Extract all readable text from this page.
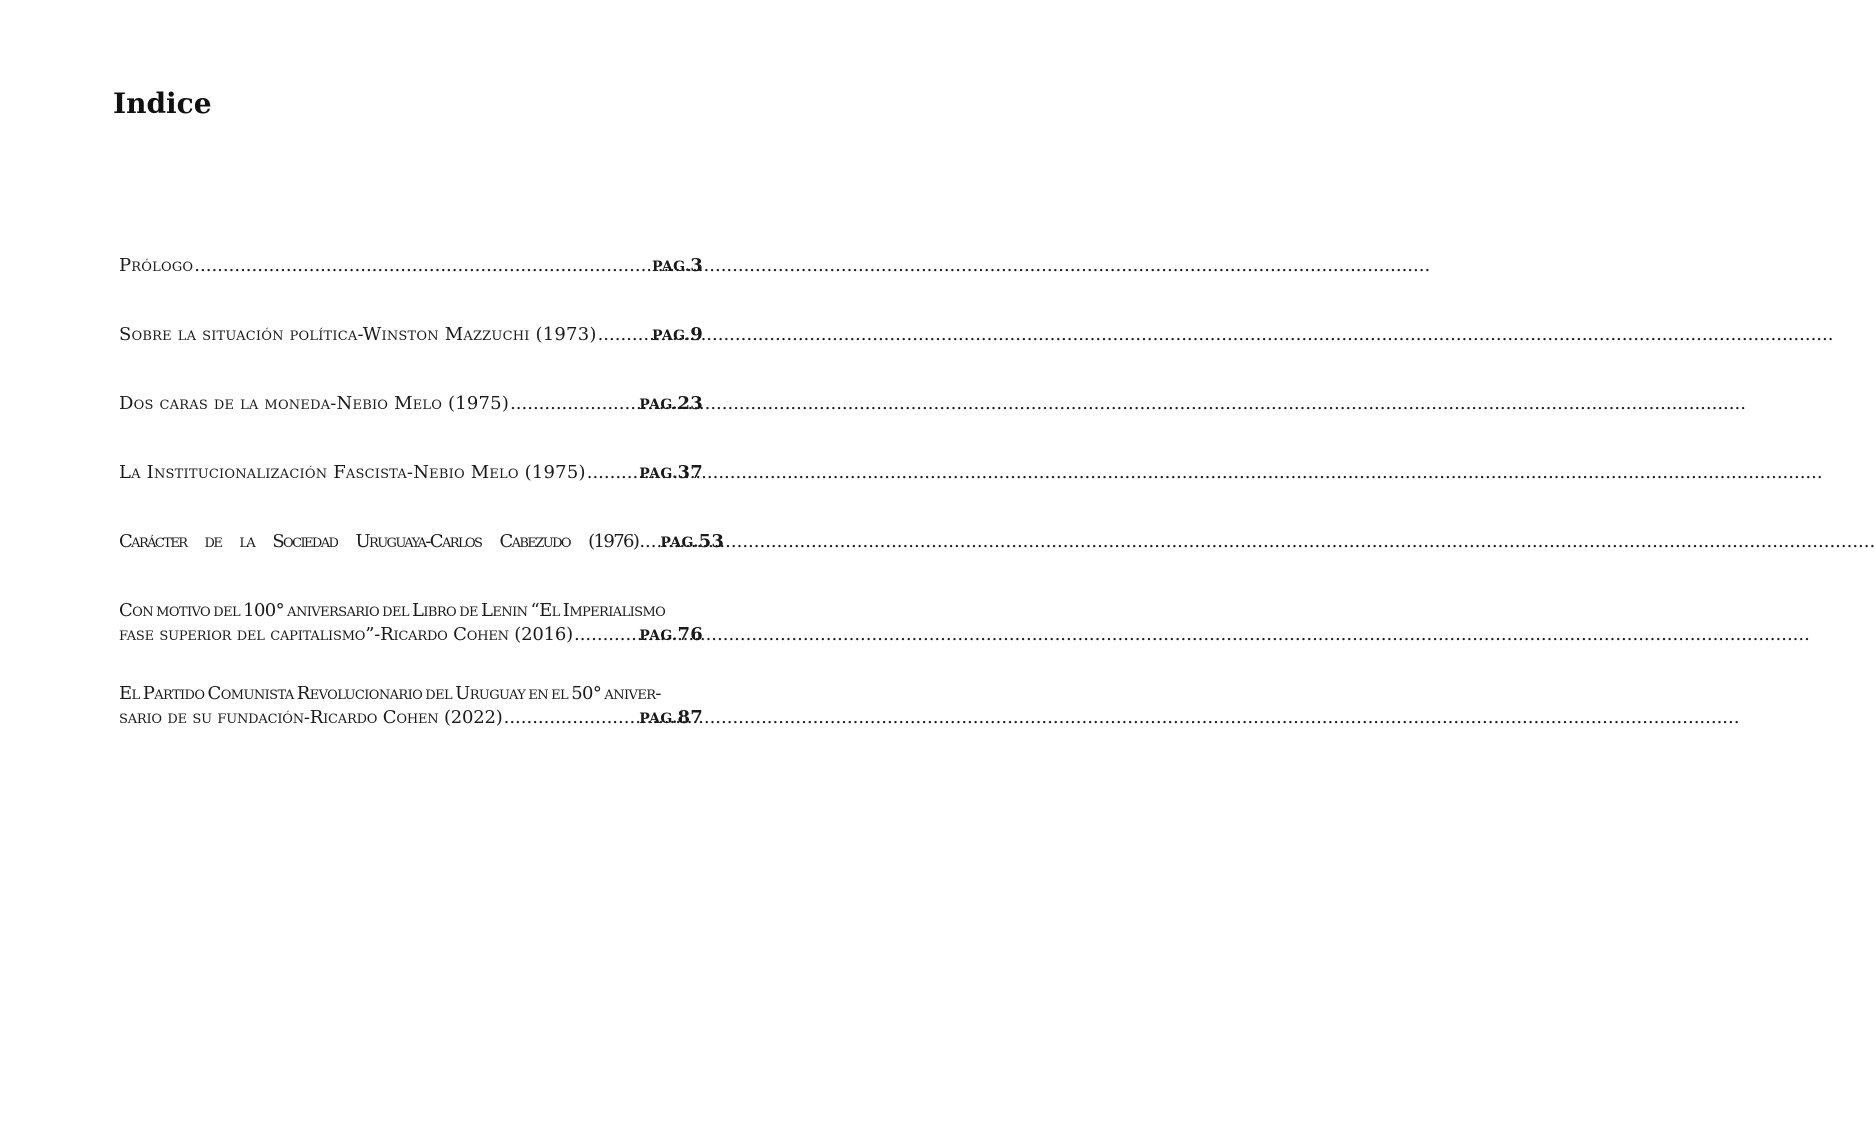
Indice
Prólogo .....	PAG.3
Sobre la situación política-Winston Mazzuchi (1973) .....	PAG.9
Dos caras de la moneda-Nebio Melo (1975) .....	PAG.23
La Institucionalización Fascista-Nebio Melo (1975) .....	PAG.37
Carácter de la Sociedad Uruguaya-Carlos Cabezudo (1976) ..... PAG.53
Con motivo del 100° aniversario del Libro de Lenin “El Imperialismo
fase superior del capitalismo”-Ricardo Cohen (2016) .....	PAG.76
El Partido Comunista Revolucionario del Uruguay en el 50° aniver-
sario de su fundación-Ricardo Cohen (2022) .....	PAG.87
